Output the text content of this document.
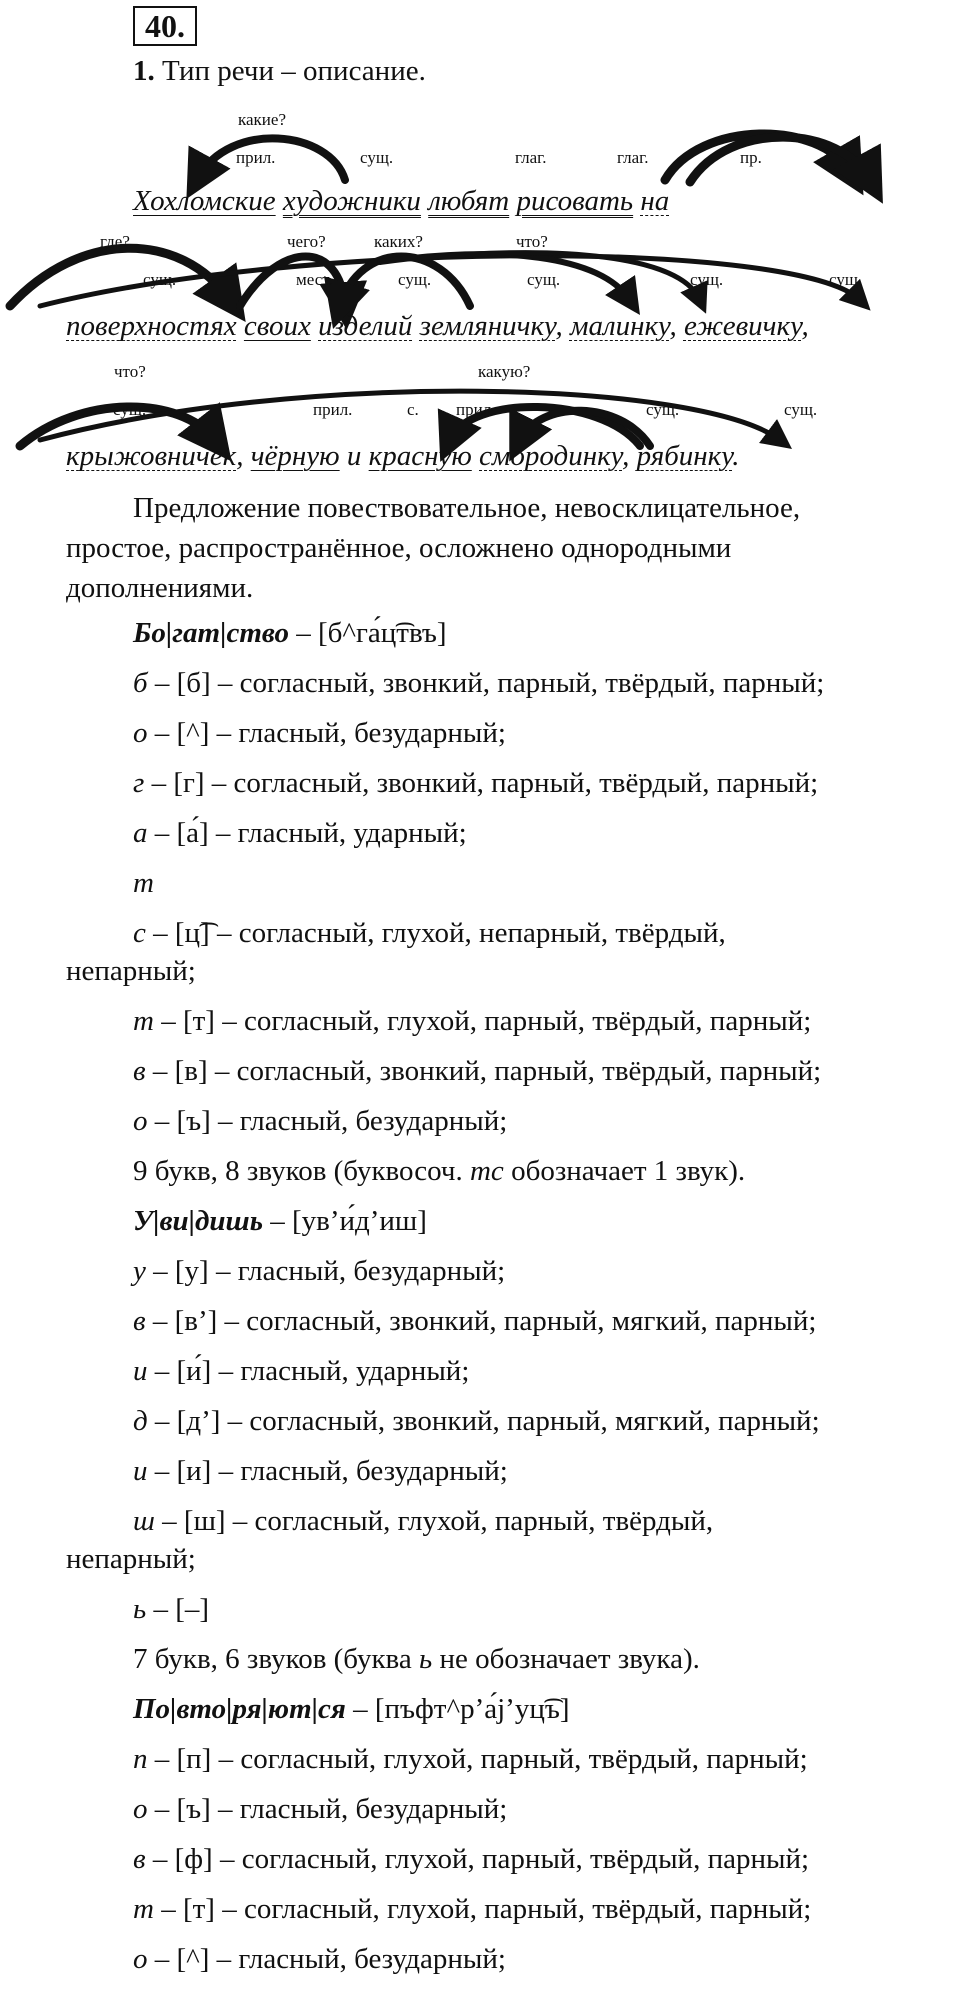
40.
1. Тип речи – описание.
какие?
прил.	сущ.	глаг.	глаг.	пр.
Хохломские художники любят рисовать на
где?	чего?	каких?	что?
сущ.	мест.	сущ.	сущ.	сущ.	сущ.
поверхностях своих изделий земляничку, малинку, ежевичку,
что?	какую?
сущ.	прил.	с. прил.	сущ.	сущ.
крыжовничек, чёрную и красную смородинку, рябинку.
Предложение повествовательное, невосклицательное, простое, распространённое, осложнено однородными дополнениями.
Бо|гат|ство – [б^га́ц͡твъ]
б – [б] – согласный, звонкий, парный, твёрдый, парный;
о – [^] – гласный, безударный;
г – [г] – согласный, звонкий, парный, твёрдый, парный;
а – [а́] – гласный, ударный;
т
с – [ц͡] – согласный, глухой, непарный, твёрдый,
непарный;
т – [т] – согласный, глухой, парный, твёрдый, парный;
в – [в] – согласный, звонкий, парный, твёрдый, парный;
о – [ъ] – гласный, безударный;
9 букв, 8 звуков (буквосоч. тс обозначает 1 звук).
У|ви|дишь – [ув’и́д’иш]
у – [у] – гласный, безударный;
в – [в’] – согласный, звонкий, парный, мягкий, парный;
и – [и́] – гласный, ударный;
д – [д’] – согласный, звонкий, парный, мягкий, парный;
и – [и] – гласный, безударный;
ш – [ш] – согласный, глухой, парный, твёрдый,
непарный;
ь – [–]
7 букв, 6 звуков (буква ь не обозначает звука).
По|вто|ря|ют|ся – [пъфт^р’а́j’уц͡ъ]
п – [п] – согласный, глухой, парный, твёрдый, парный;
о – [ъ] – гласный, безударный;
в – [ф] – согласный, глухой, парный, твёрдый, парный;
т – [т] – согласный, глухой, парный, твёрдый, парный;
о – [^] – гласный, безударный;
